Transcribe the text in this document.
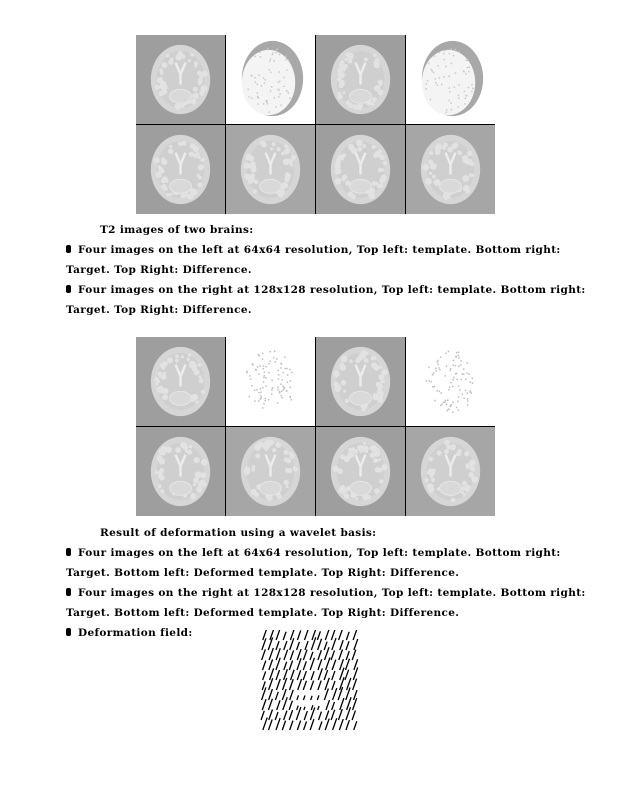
T2 images of two brains:
Four images on the left at 64x64 resolution, Top left: template. Bottom right:
Target. Top Right: Difference.
Four images on the right at 128x128 resolution, Top left: template. Bottom right:
Target. Top Right: Difference.
Result of deformation using a wavelet basis:
Four images on the left at 64x64 resolution, Top left: template. Bottom right:
Target. Bottom left: Deformed template. Top Right: Difference.
Four images on the right at 128x128 resolution, Top left: template. Bottom right:
Target. Bottom left: Deformed template. Top Right: Difference.
Deformation field:
